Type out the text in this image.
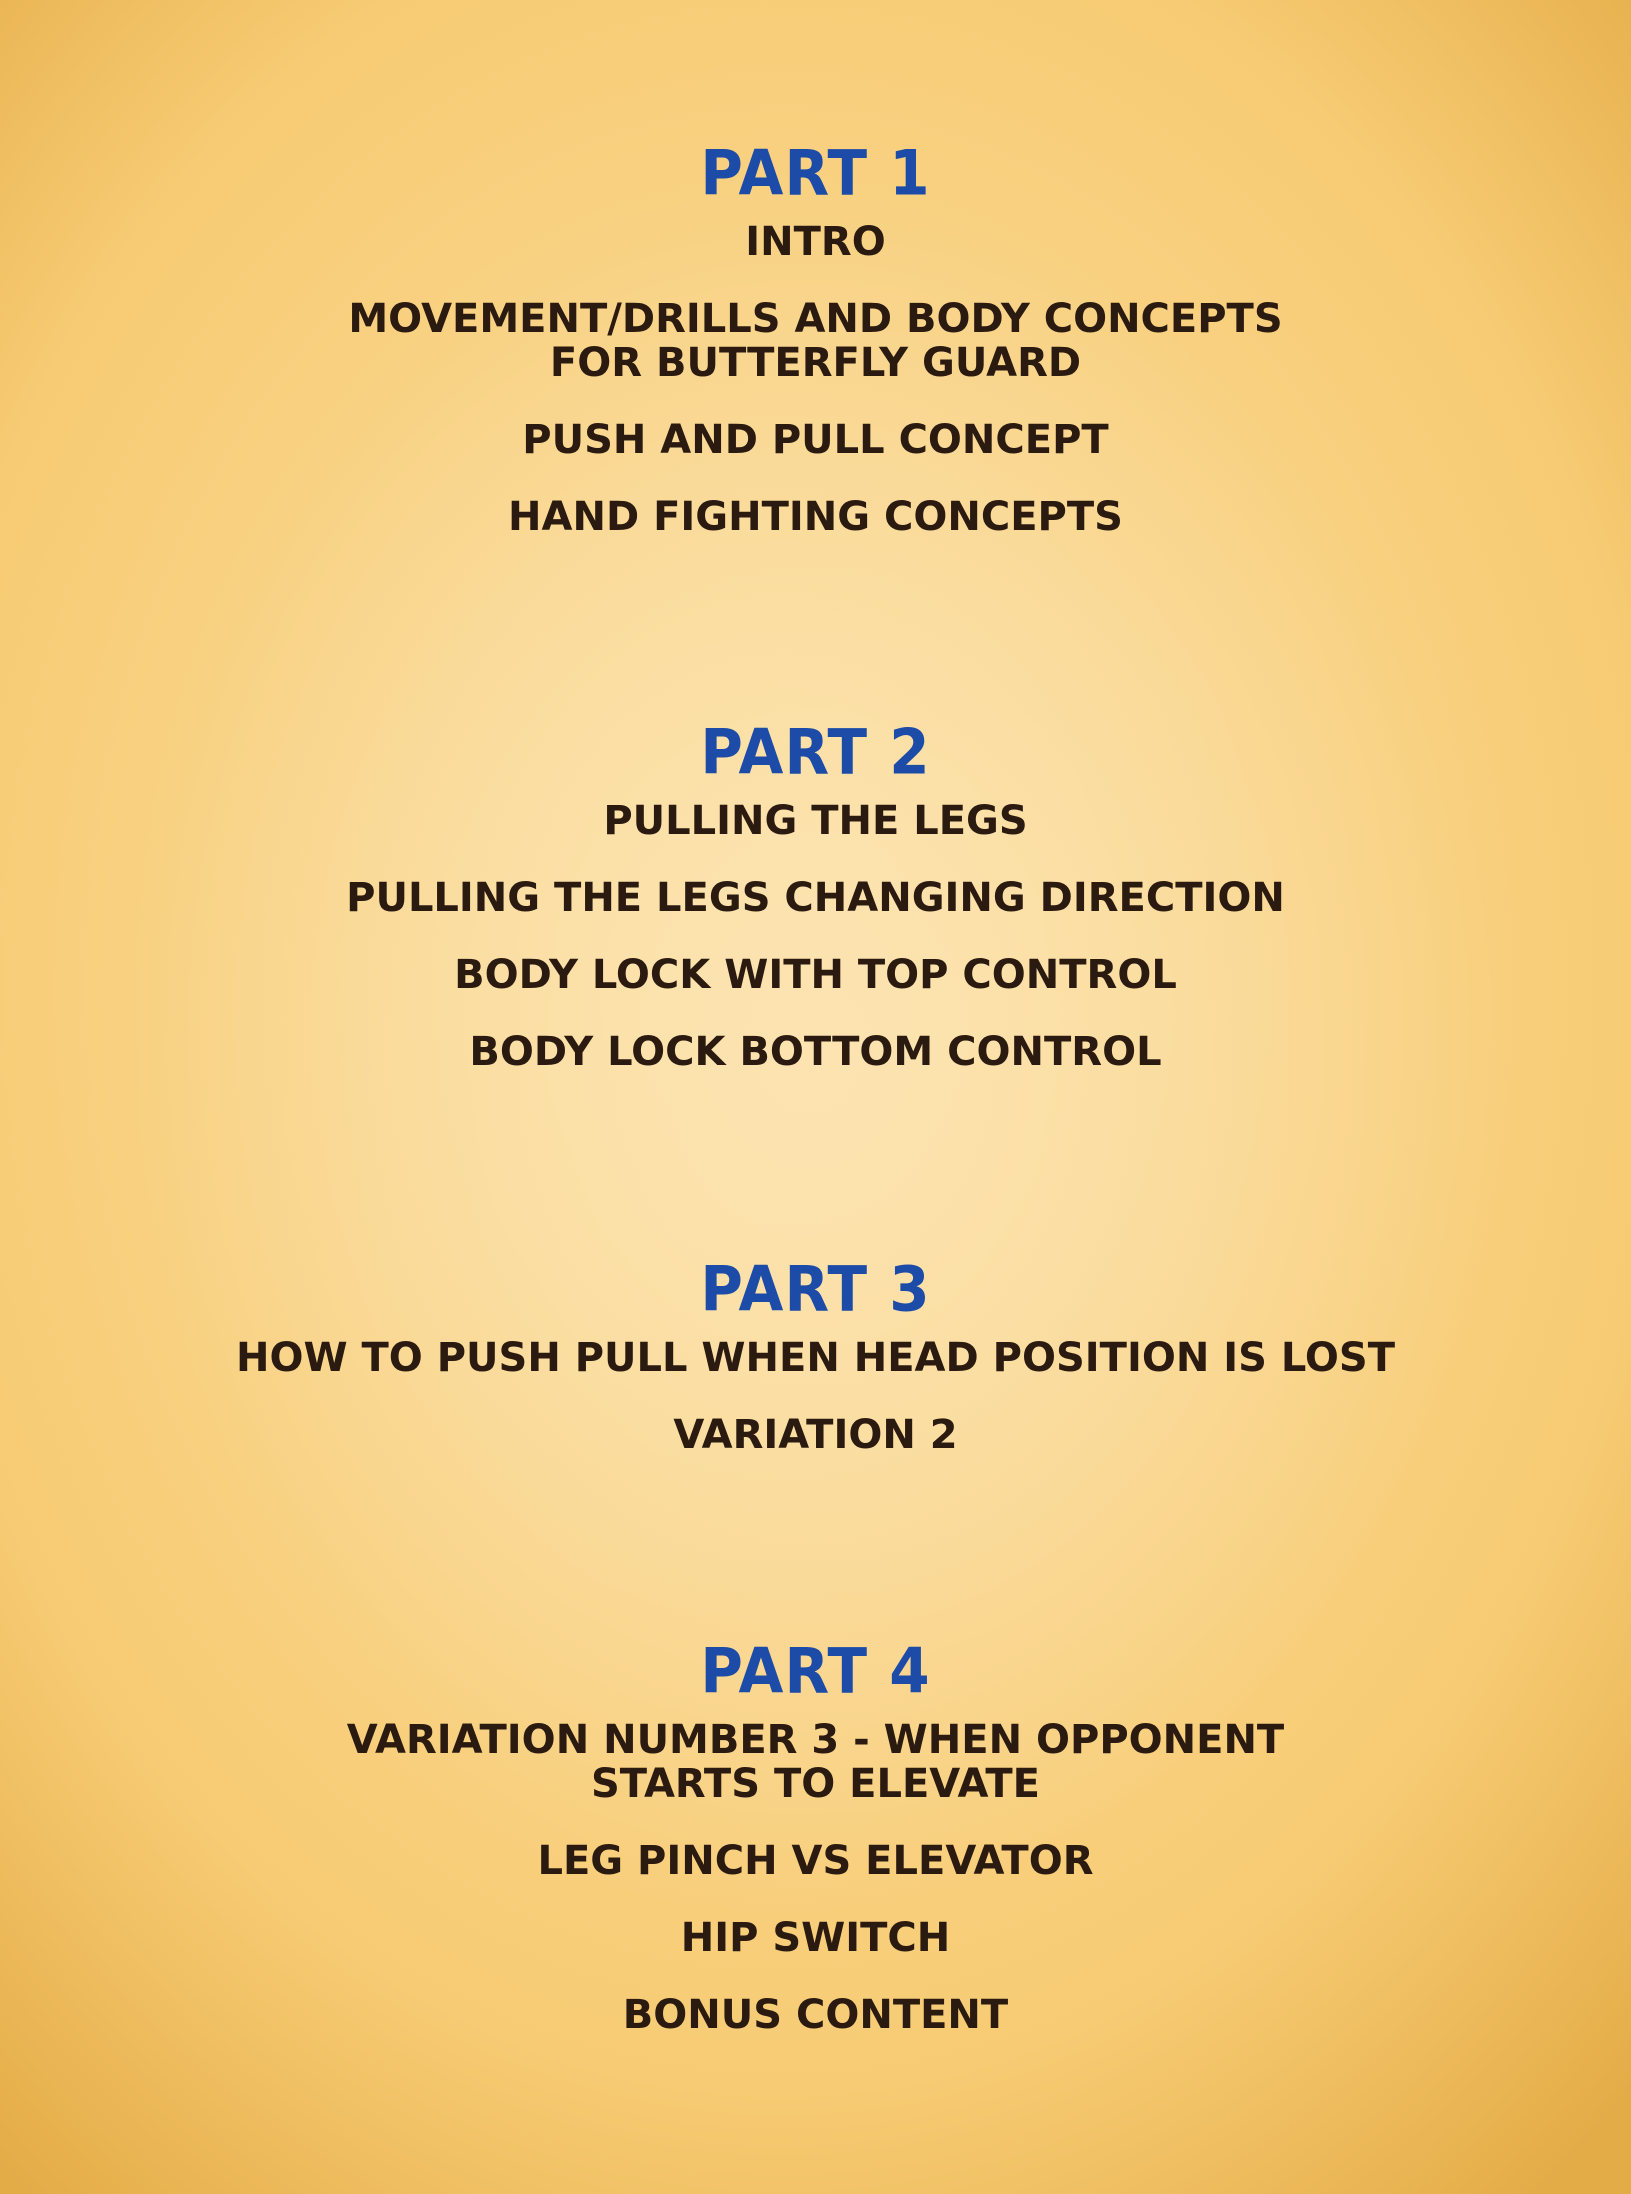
PART 1
INTRO
MOVEMENT/DRILLS AND BODY CONCEPTS
FOR BUTTERFLY GUARD
PUSH AND PULL CONCEPT
HAND FIGHTING CONCEPTS
PART 2
PULLING THE LEGS
PULLING THE LEGS CHANGING DIRECTION
BODY LOCK WITH TOP CONTROL
BODY LOCK BOTTOM CONTROL
PART 3
HOW TO PUSH PULL WHEN HEAD POSITION IS LOST
VARIATION 2
PART 4
VARIATION NUMBER 3 - WHEN OPPONENT
STARTS TO ELEVATE
LEG PINCH VS ELEVATOR
HIP SWITCH
BONUS CONTENT
